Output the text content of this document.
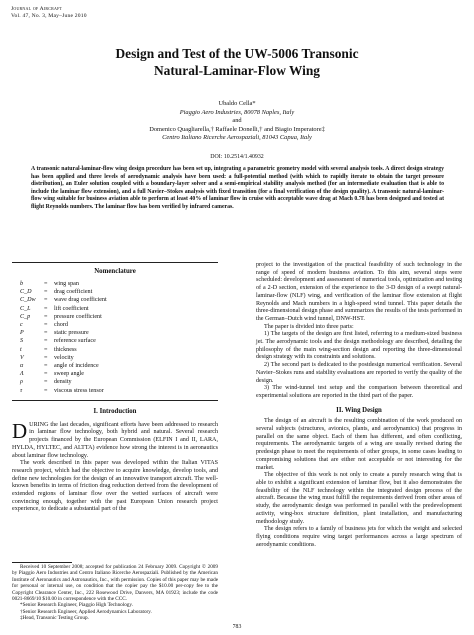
Journal of Aircraft
Vol. 47, No. 3, May–June 2010
Design and Test of the UW-5006 Transonic
Natural-Laminar-Flow Wing
Ubaldo Cella*
Piaggio Aero Industries, 80078 Naples, Italy
and
Domenico Quagliarella,† Raffaele Donelli,† and Biagio Imperatore‡
Centro Italiano Ricerche Aerospaziali, 81043 Capua, Italy
DOI: 10.2514/1.40932
A transonic natural-laminar-flow wing design procedure has been set up, integrating a parametric geometry model with several analysis tools. A direct design strategy has been applied and three levels of aerodynamic analysis have been used: a full-potential method (with which to rapidly iterate to obtain the target pressure distribution), an Euler solution coupled with a boundary-layer solver and a semi-empirical stability analysis method (for an intermediate evaluation that is able to include the laminar flow extension), and a full Navier–Stokes analysis with fixed transition (for a final verification of the design quality). A transonic natural-laminar-flow wing suitable for business aviation able to perform at least 40% of laminar flow in cruise with acceptable wave drag at Mach 0.78 has been designed and tested at flight Reynolds numbers. The laminar flow has been verified by infrared cameras.
Nomenclature
b	=	wing span
C_D	=	drag coefficient
C_Dw	=	wave drag coefficient
C_L	=	lift coefficient
C_p	=	pressure coefficient
c	=	chord
P	=	static pressure
S	=	reference surface
t	=	thickness
V	=	velocity
α	=	angle of incidence
Λ	=	sweep angle
ρ	=	density
τ	=	viscous stress tensor
I. Introduction
DURING the last decades, significant efforts have been addressed to research in laminar flow technology, both hybrid and natural. Several research projects financed by the European Commission (ELFIN I and II, LARA, HYLDA, HYLTEC, and ALTTA) evidence how strong the interest is in aeronautics about laminar flow technology.

The work described in this paper was developed within the Italian VITAS research project, which had the objective to acquire knowledge, develop tools, and define new technologies for the design of an innovative transport aircraft. The well-known benefits in terms of friction drag reduction derived from the development of extended regions of laminar flow over the wetted surfaces of aircraft were convincing enough, together with the past European Union research project experience, to dedicate a substantial part of the

project to the investigation of the practical feasibility of such technology in the range of speed of modern business aviation. To this aim, several steps were scheduled: development and assessment of numerical tools, optimization and testing of a 2-D section, extension of the experience to the 3-D design of a swept natural-laminar-flow (NLF) wing, and verification of the laminar flow extension at flight Reynolds and Mach numbers in a high-speed wind tunnel. This paper details the three-dimensional design phase and summarizes the results of the tests performed in the German–Dutch wind tunnel, DNW-HST.

The paper is divided into three parts:

1) The targets of the design are first listed, referring to a medium-sized business jet. The aerodynamic tools and the design methodology are described, detailing the philosophy of the main wing-section design and reporting the three-dimensional design strategy with its constraints and solutions.

2) The second part is dedicated to the postdesign numerical verification. Several Navier–Stokes runs and stability evaluations are reported to verify the quality of the design.

3) The wind-tunnel test setup and the comparison between theoretical and experimental solutions are reported in the third part of the paper.

II. Wing Design

The design of an aircraft is the resulting combination of the work produced on several subjects (structures, avionics, plants, and aerodynamics) that progress in parallel on the same object. Each of them has different, and often conflicting, requirements. The aerodynamic targets of a wing are usually revised during the predesign phase to meet the requirements of other groups, in some cases leading to compromising solutions that are either not acceptable or not interesting for the market.

The objective of this work is not only to create a purely research wing that is able to exhibit a significant extension of laminar flow, but it also demonstrates the feasibility of the NLF technology within the integrated design process of the aircraft. Because the wing must fulfill the requirements derived from other areas of study, the aerodynamic design was performed in parallel with the predevelopment activity, wing-box structure definition, plant installation, and manufacturing methodology study.

The design refers to a family of business jets for which the weight and selected flying conditions require wing target performances across a large spectrum of aerodynamic conditions.

Received 10 September 2008; accepted for publication 24 February 2009. Copyright © 2009 by Piaggio Aero Industries and Centro Italiano Ricerche Aerospaziali. Published by the American Institute of Aeronautics and Astronautics, Inc., with permission. Copies of this paper may be made for personal or internal use, on condition that the copier pay the $10.00 per-copy fee to the Copyright Clearance Center, Inc., 222 Rosewood Drive, Danvers, MA 01923; include the code 0021-8669/10 $10.00 in correspondence with the CCC.

*Senior Research Engineer, Piaggio High Technology.

†Senior Research Engineer, Applied Aerodynamics Laboratory.

‡Head, Transonic Testing Group.

783
